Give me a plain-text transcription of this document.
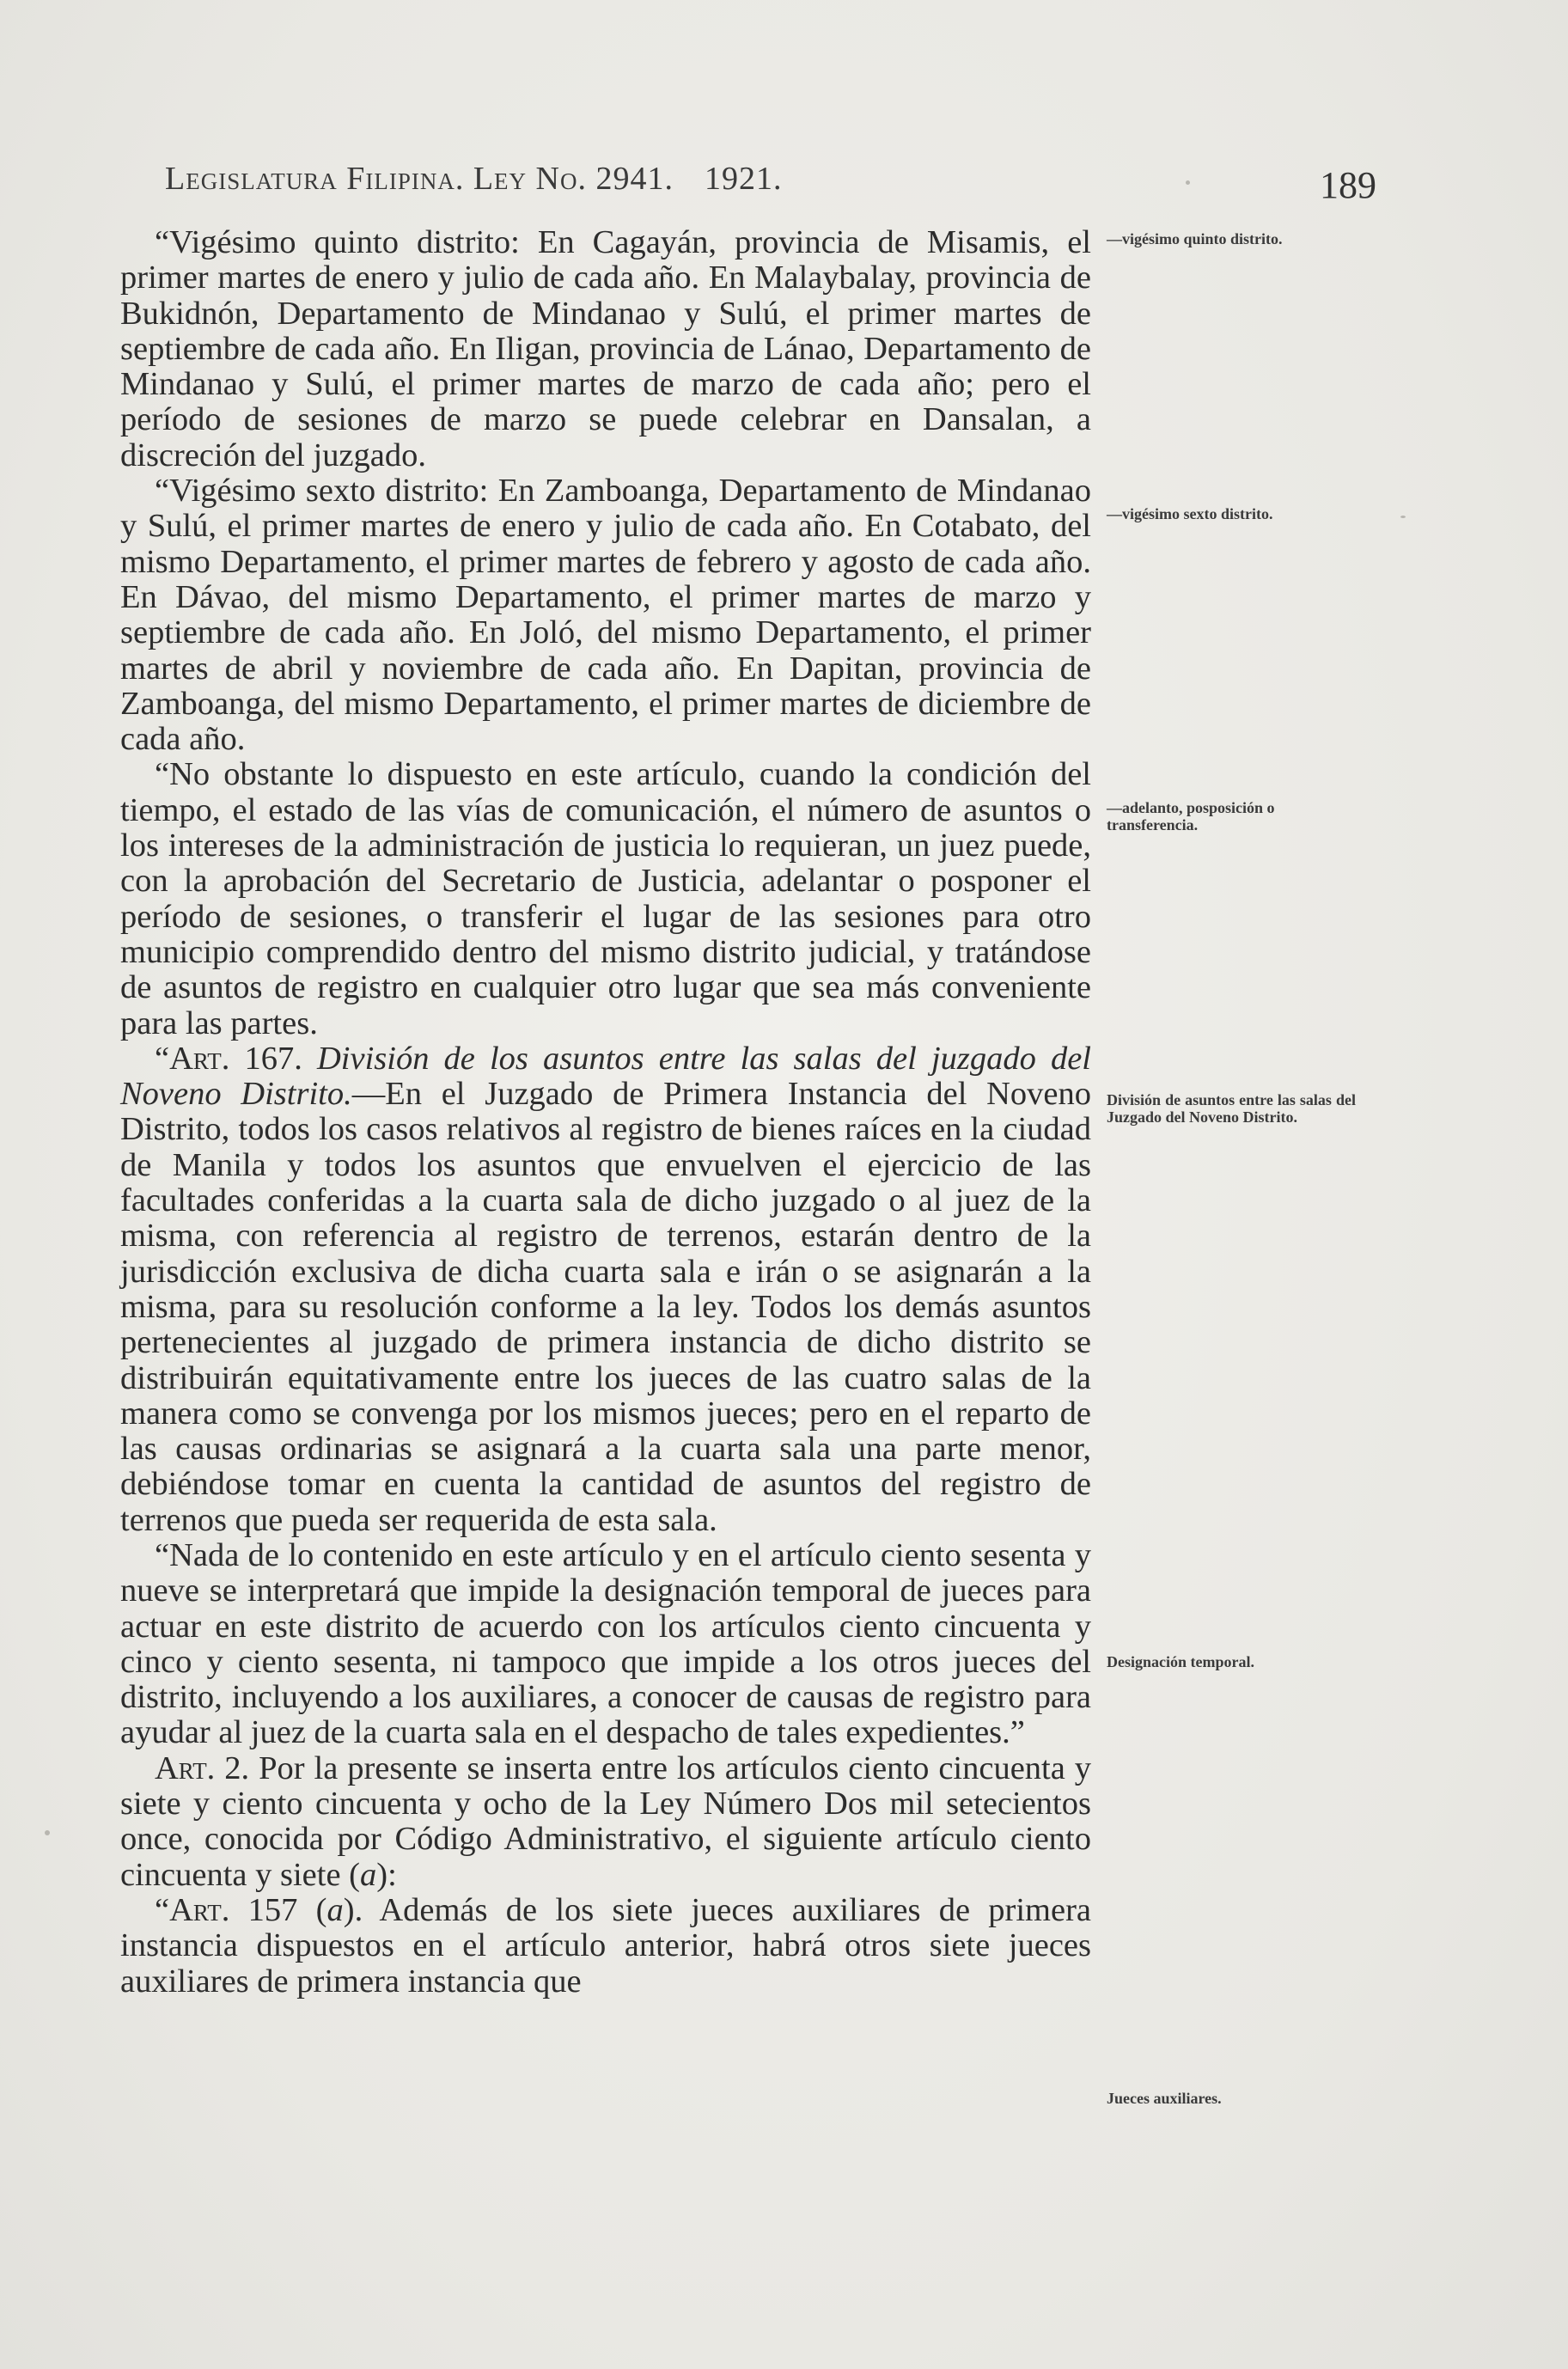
Legislatura Filipina. Ley No. 2941. 1921.	189

“Vigésimo quinto distrito: En Cagayán, provincia de Misamis, el primer martes de enero y julio de cada año. En Malaybalay, provincia de Bukidnón, Departamento de Mindanao y Sulú, el primer martes de septiembre de cada año. En Iligan, provincia de Lánao, Departamento de Mindanao y Sulú, el primer martes de marzo de cada año; pero el período de sesiones de marzo se puede celebrar en Dansalan, a discreción del juzgado.

“Vigésimo sexto distrito: En Zamboanga, Departamento de Mindanao y Sulú, el primer martes de enero y julio de cada año. En Cotabato, del mismo Departamento, el primer martes de febrero y agosto de cada año. En Dávao, del mismo Departamento, el primer martes de marzo y septiembre de cada año. En Joló, del mismo Departamento, el primer martes de abril y noviembre de cada año. En Dapitan, provincia de Zamboanga, del mismo Departamento, el primer martes de diciembre de cada año.

“No obstante lo dispuesto en este artículo, cuando la condición del tiempo, el estado de las vías de comunicación, el número de asuntos o los intereses de la administración de justicia lo requieran, un juez puede, con la aprobación del Secretario de Justicia, adelantar o posponer el período de sesiones, o transferir el lugar de las sesiones para otro municipio comprendido dentro del mismo distrito judicial, y tratándose de asuntos de registro en cualquier otro lugar que sea más conveniente para las partes.

“Art. 167. División de los asuntos entre las salas del juzgado del Noveno Distrito.—En el Juzgado de Primera Instancia del Noveno Distrito, todos los casos relativos al registro de bienes raíces en la ciudad de Manila y todos los asuntos que envuelven el ejercicio de las facultades conferidas a la cuarta sala de dicho juzgado o al juez de la misma, con referencia al registro de terrenos, estarán dentro de la jurisdicción exclusiva de dicha cuarta sala e irán o se asignarán a la misma, para su resolución conforme a la ley. Todos los demás asuntos pertenecientes al juzgado de primera instancia de dicho distrito se distribuirán equitativamente entre los jueces de las cuatro salas de la manera como se convenga por los mismos jueces; pero en el reparto de las causas ordinarias se asignará a la cuarta sala una parte menor, debiéndose tomar en cuenta la cantidad de asuntos del registro de terrenos que pueda ser requerida de esta sala.

“Nada de lo contenido en este artículo y en el artículo ciento sesenta y nueve se interpretará que impide la designación temporal de jueces para actuar en este distrito de acuerdo con los artículos ciento cincuenta y cinco y ciento sesenta, ni tampoco que impide a los otros jueces del distrito, incluyendo a los auxiliares, a conocer de causas de registro para ayudar al juez de la cuarta sala en el despacho de tales expedientes.”

Art. 2. Por la presente se inserta entre los artículos ciento cincuenta y siete y ciento cincuenta y ocho de la Ley Número Dos mil setecientos once, conocida por Código Administrativo, el siguiente artículo ciento cincuenta y siete (a):

“Art. 157 (a). Además de los siete jueces auxiliares de primera instancia dispuestos en el artículo anterior, habrá otros siete jueces auxiliares de primera instancia que

—vigésimo quinto distrito.
—vigésimo sexto distrito.
—adelanto, posposición o transferencia.
División de asuntos entre las salas del Juzgado del Noveno Distrito.
Designación temporal.
Jueces auxiliares.
